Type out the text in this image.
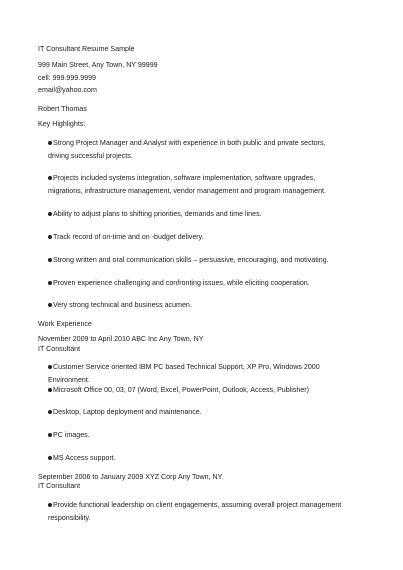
IT Consultant Resume Sample
999 Main Street, Any Town, NY 99999
cell: 999.999.9999
email@yahoo.com
Robert Thomas
Key Highlights:
Strong Project Manager and Analyst with experience in both public and private sectors, driving successful projects.
Projects included systems integration, software implementation, software upgrades, migrations, infrastructure management, vendor management and program management.
Ability to adjust plans to shifting priorities, demands and time lines.
Track record of on-time and on -budget delivery.
Strong written and oral communication skills – persuasive, encouraging, and motivating.
Proven experience challenging and confronting issues, while eliciting cooperation.
Very strong technical and business acumen.
Work Experience
November 2009 to April 2010 ABC Inc Any Town, NY
IT Consultant
Customer Service oriented IBM PC based Technical Support, XP Pro, Windows 2000 Environment.
Microsoft Office 00, 03, 07 (Word, Excel, PowerPoint, Outlook, Access, Publisher)
Desktop, Laptop deployment and maintenance.
PC images.
MS Access support.
September 2006 to January 2009 XYZ Corp Any Town, NY
IT Consultant
Provide functional leadership on client engagements, assuming overall project management responsibility.
